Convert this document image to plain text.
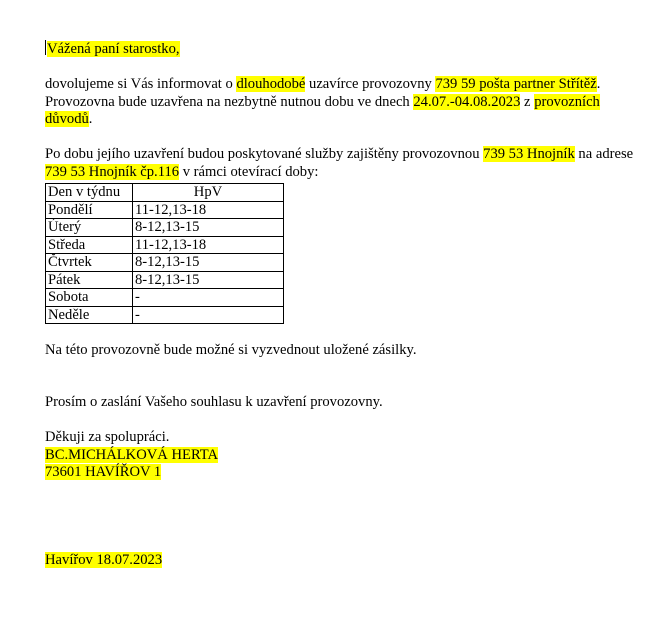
Vážená paní starostko,

dovolujeme si Vás informovat o dlouhodobé uzavírce provozovny 739 59 pošta partner Střítěž.

Provozovna bude uzavřena na nezbytně nutnou dobu ve dnech 24.07.-04.08.2023 z provozních

důvodů.

Po dobu jejího uzavření budou poskytované služby zajištěny provozovnou 739 53 Hnojník na adrese

739 53 Hnojník čp.116 v rámci otevírací doby:

Den v týdnu	HpV
Pondělí	11-12,13-18
Úterý	8-12,13-15
Středa	11-12,13-18
Čtvrtek	8-12,13-15
Pátek	8-12,13-15
Sobota	-
Neděle	-

Na této provozovně bude možné si vyzvednout uložené zásilky.

Prosím o zaslání Vašeho souhlasu k uzavření provozovny.

Děkuji za spolupráci.

BC.MICHÁLKOVÁ HERTA

73601 HAVÍŘOV 1

Havířov 18.07.2023
